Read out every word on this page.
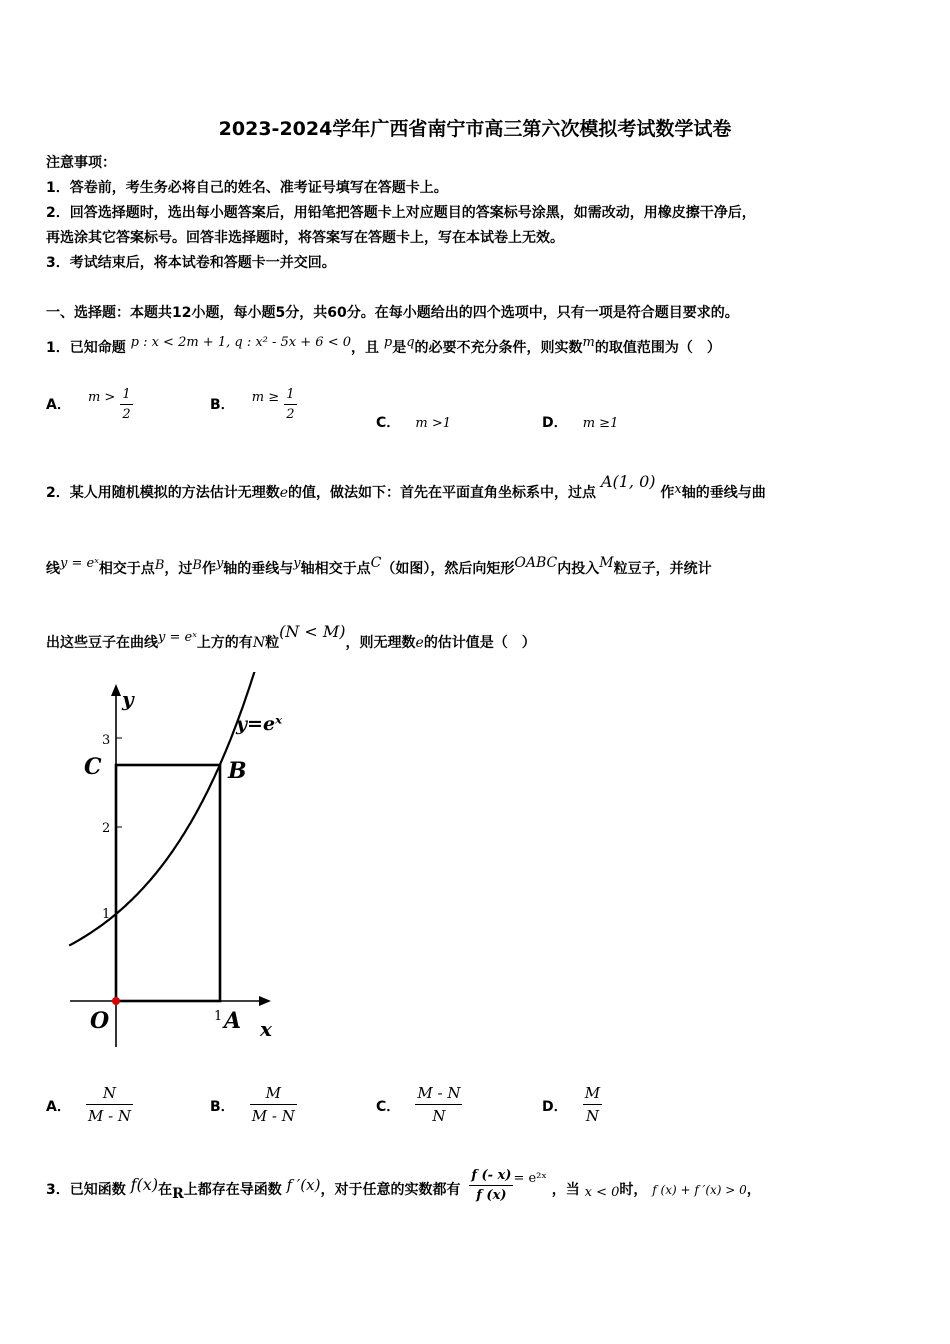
2023-2024学年广西省南宁市高三第六次模拟考试数学试卷
注意事项：
1．答卷前，考生务必将自己的姓名、准考证号填写在答题卡上。
2．回答选择题时，选出每小题答案后，用铅笔把答题卡上对应题目的答案标号涂黑，如需改动，用橡皮擦干净后，
再选涂其它答案标号。回答非选择题时，将答案写在答题卡上，写在本试卷上无效。
3．考试结束后，将本试卷和答题卡一并交回。
一、选择题：本题共12小题，每小题5分，共60分。在每小题给出的四个选项中，只有一项是符合题目要求的。
1．已知命题 p : x < 2m + 1, q : x² - 5x + 6 < 0，且 p是q的必要不充分条件，则实数m的取值范围为（　）
A． $^{m >} \frac{1}{2}$	B． $^{m \ge} \frac{1}{2}$
C． m >1	D． m ≥1
2．某人用随机模拟的方法估计无理数e的值，做法如下：首先在平面直角坐标系中，过点 A(1, 0) 作x轴的垂线与曲
线y = eˣ相交于点B，过B作y轴的垂线与y轴相交于点C（如图），然后向矩形OABC内投入M粒豆子，并统计
出这些豆子在曲线y = eˣ上方的有N粒(N < M)，则无理数e的估计值是（　）
y
x
y=eˣ
C	B
O	A
3
2
1
1
A． $\frac{N}{M - N}$	B． $\frac{M}{M - N}$	C． $\frac{M - N}{N}$	D． $\frac{M}{N}$
3．已知函数 f(x)在R上都存在导函数 f ′(x)，对于任意的实数都有 $\frac{f (- x)}{f (x)}$ = e²ˣ ，当 x < 0时， f (x) + f ′(x) > 0，
